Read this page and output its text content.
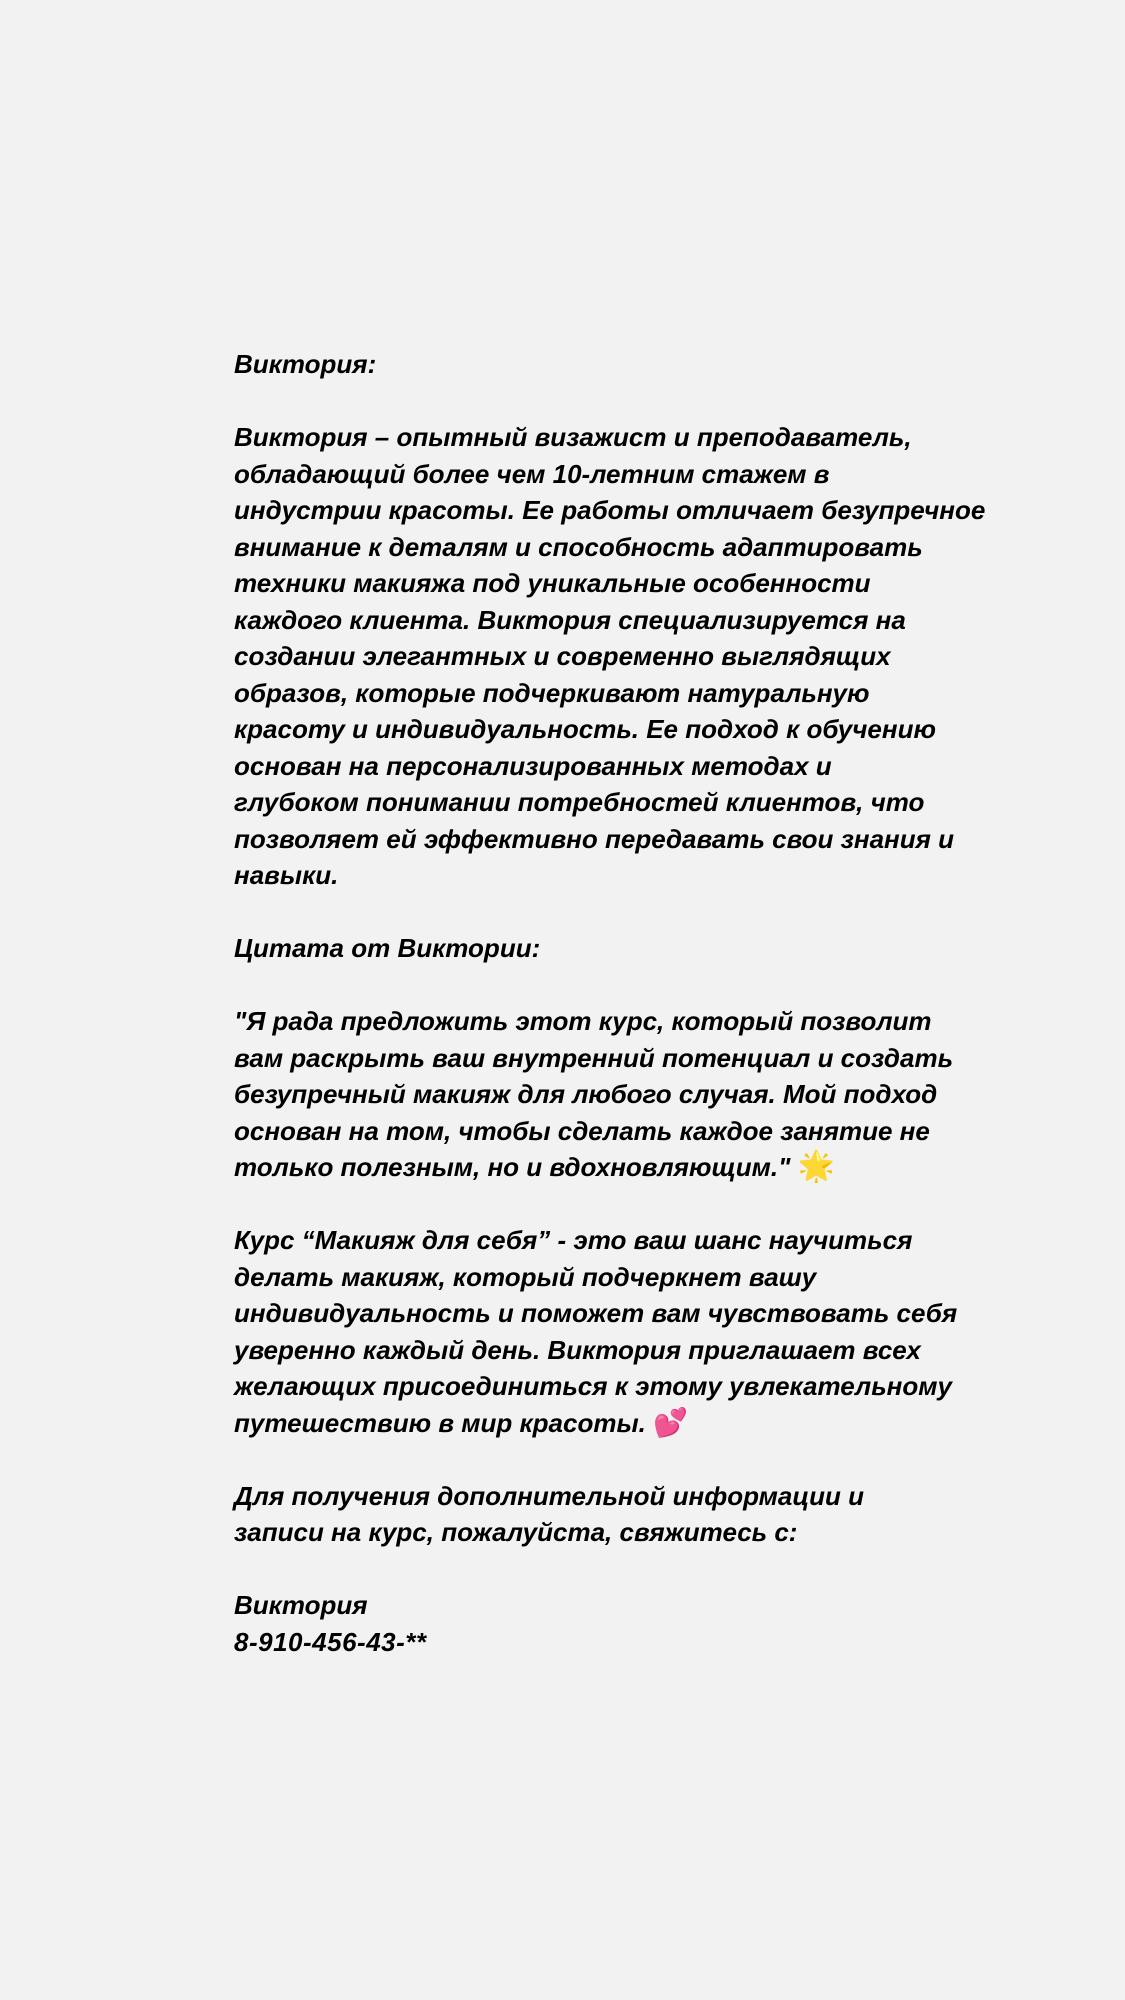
Виктория:

Виктория – опытный визажист и преподаватель,
обладающий более чем 10-летним стажем в
индустрии красоты. Ее работы отличает безупречное
внимание к деталям и способность адаптировать
техники макияжа под уникальные особенности
каждого клиента. Виктория специализируется на
создании элегантных и современно выглядящих
образов, которые подчеркивают натуральную
красоту и индивидуальность. Ее подход к обучению
основан на персонализированных методах и
глубоком понимании потребностей клиентов, что
позволяет ей эффективно передавать свои знания и
навыки.

Цитата от Виктории:

"Я рада предложить этот курс, который позволит
вам раскрыть ваш внутренний потенциал и создать
безупречный макияж для любого случая. Мой подход
основан на том, чтобы сделать каждое занятие не
только полезным, но и вдохновляющим." 🌟

Курс “Макияж для себя” - это ваш шанс научиться
делать макияж, который подчеркнет вашу
индивидуальность и поможет вам чувствовать себя
уверенно каждый день. Виктория приглашает всех
желающих присоединиться к этому увлекательному
путешествию в мир красоты. 💕

Для получения дополнительной информации и
записи на курс, пожалуйста, свяжитесь с:

Виктория
8-910-456-43-**
